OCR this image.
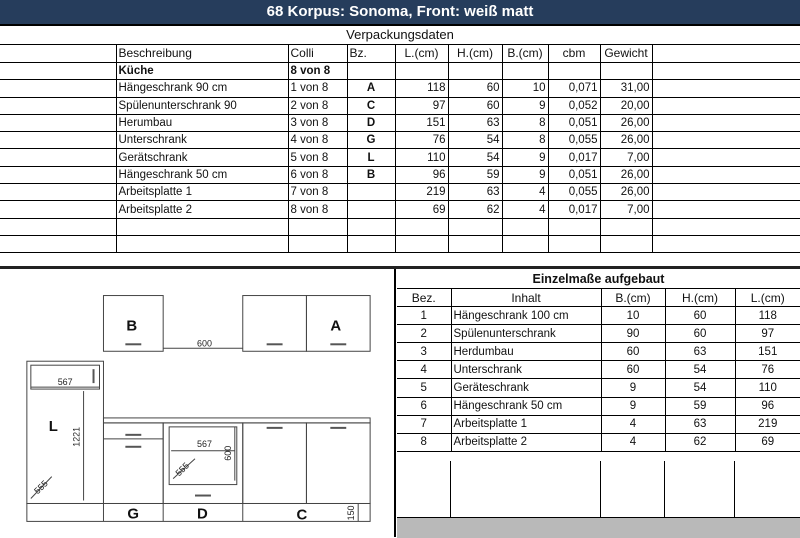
68 Korpus: Sonoma, Front: weiß matt
Verpackungsdaten
	Beschreibung	Colli	Bz.	L.(cm)	H.(cm)	B.(cm)	cbm	Gewicht	
	Küche	8 von 8							
	Hängeschrank 90 cm	1 von 8	A	118	60	10	0,071	31,00	
	Spülenunterschrank 90	2 von 8	C	97	60	9	0,052	20,00	
	Herumbau	3 von 8	D	151	63	8	0,051	26,00	
	Unterschrank	4 von 8	G	76	54	8	0,055	26,00	
	Gerätschrank	5 von 8	L	110	54	9	0,017	7,00	
	Hängeschrank 50 cm	6 von 8	B	96	59	9	0,051	26,00	
	Arbeitsplatte 1	7 von 8		219	63	4	0,055	26,00	
	Arbeitsplatte 2	8 von 8		69	62	4	0,017	7,00	

B	A
L
G	D	C
600
567
1221
555
567
600
555
150
Einzelmaße aufgebaut
Bez.	Inhalt	B.(cm)	H.(cm)	L.(cm)
1	Hängeschrank 100 cm	10	60	118
2	Spülenunterschrank	90	60	97
3	Herdumbau	60	63	151
4	Unterschrank	60	54	76
5	Geräteschrank	9	54	110
6	Hängeschrank 50 cm	9	59	96
7	Arbeitsplatte 1	4	63	219
8	Arbeitsplatte 2	4	62	69
